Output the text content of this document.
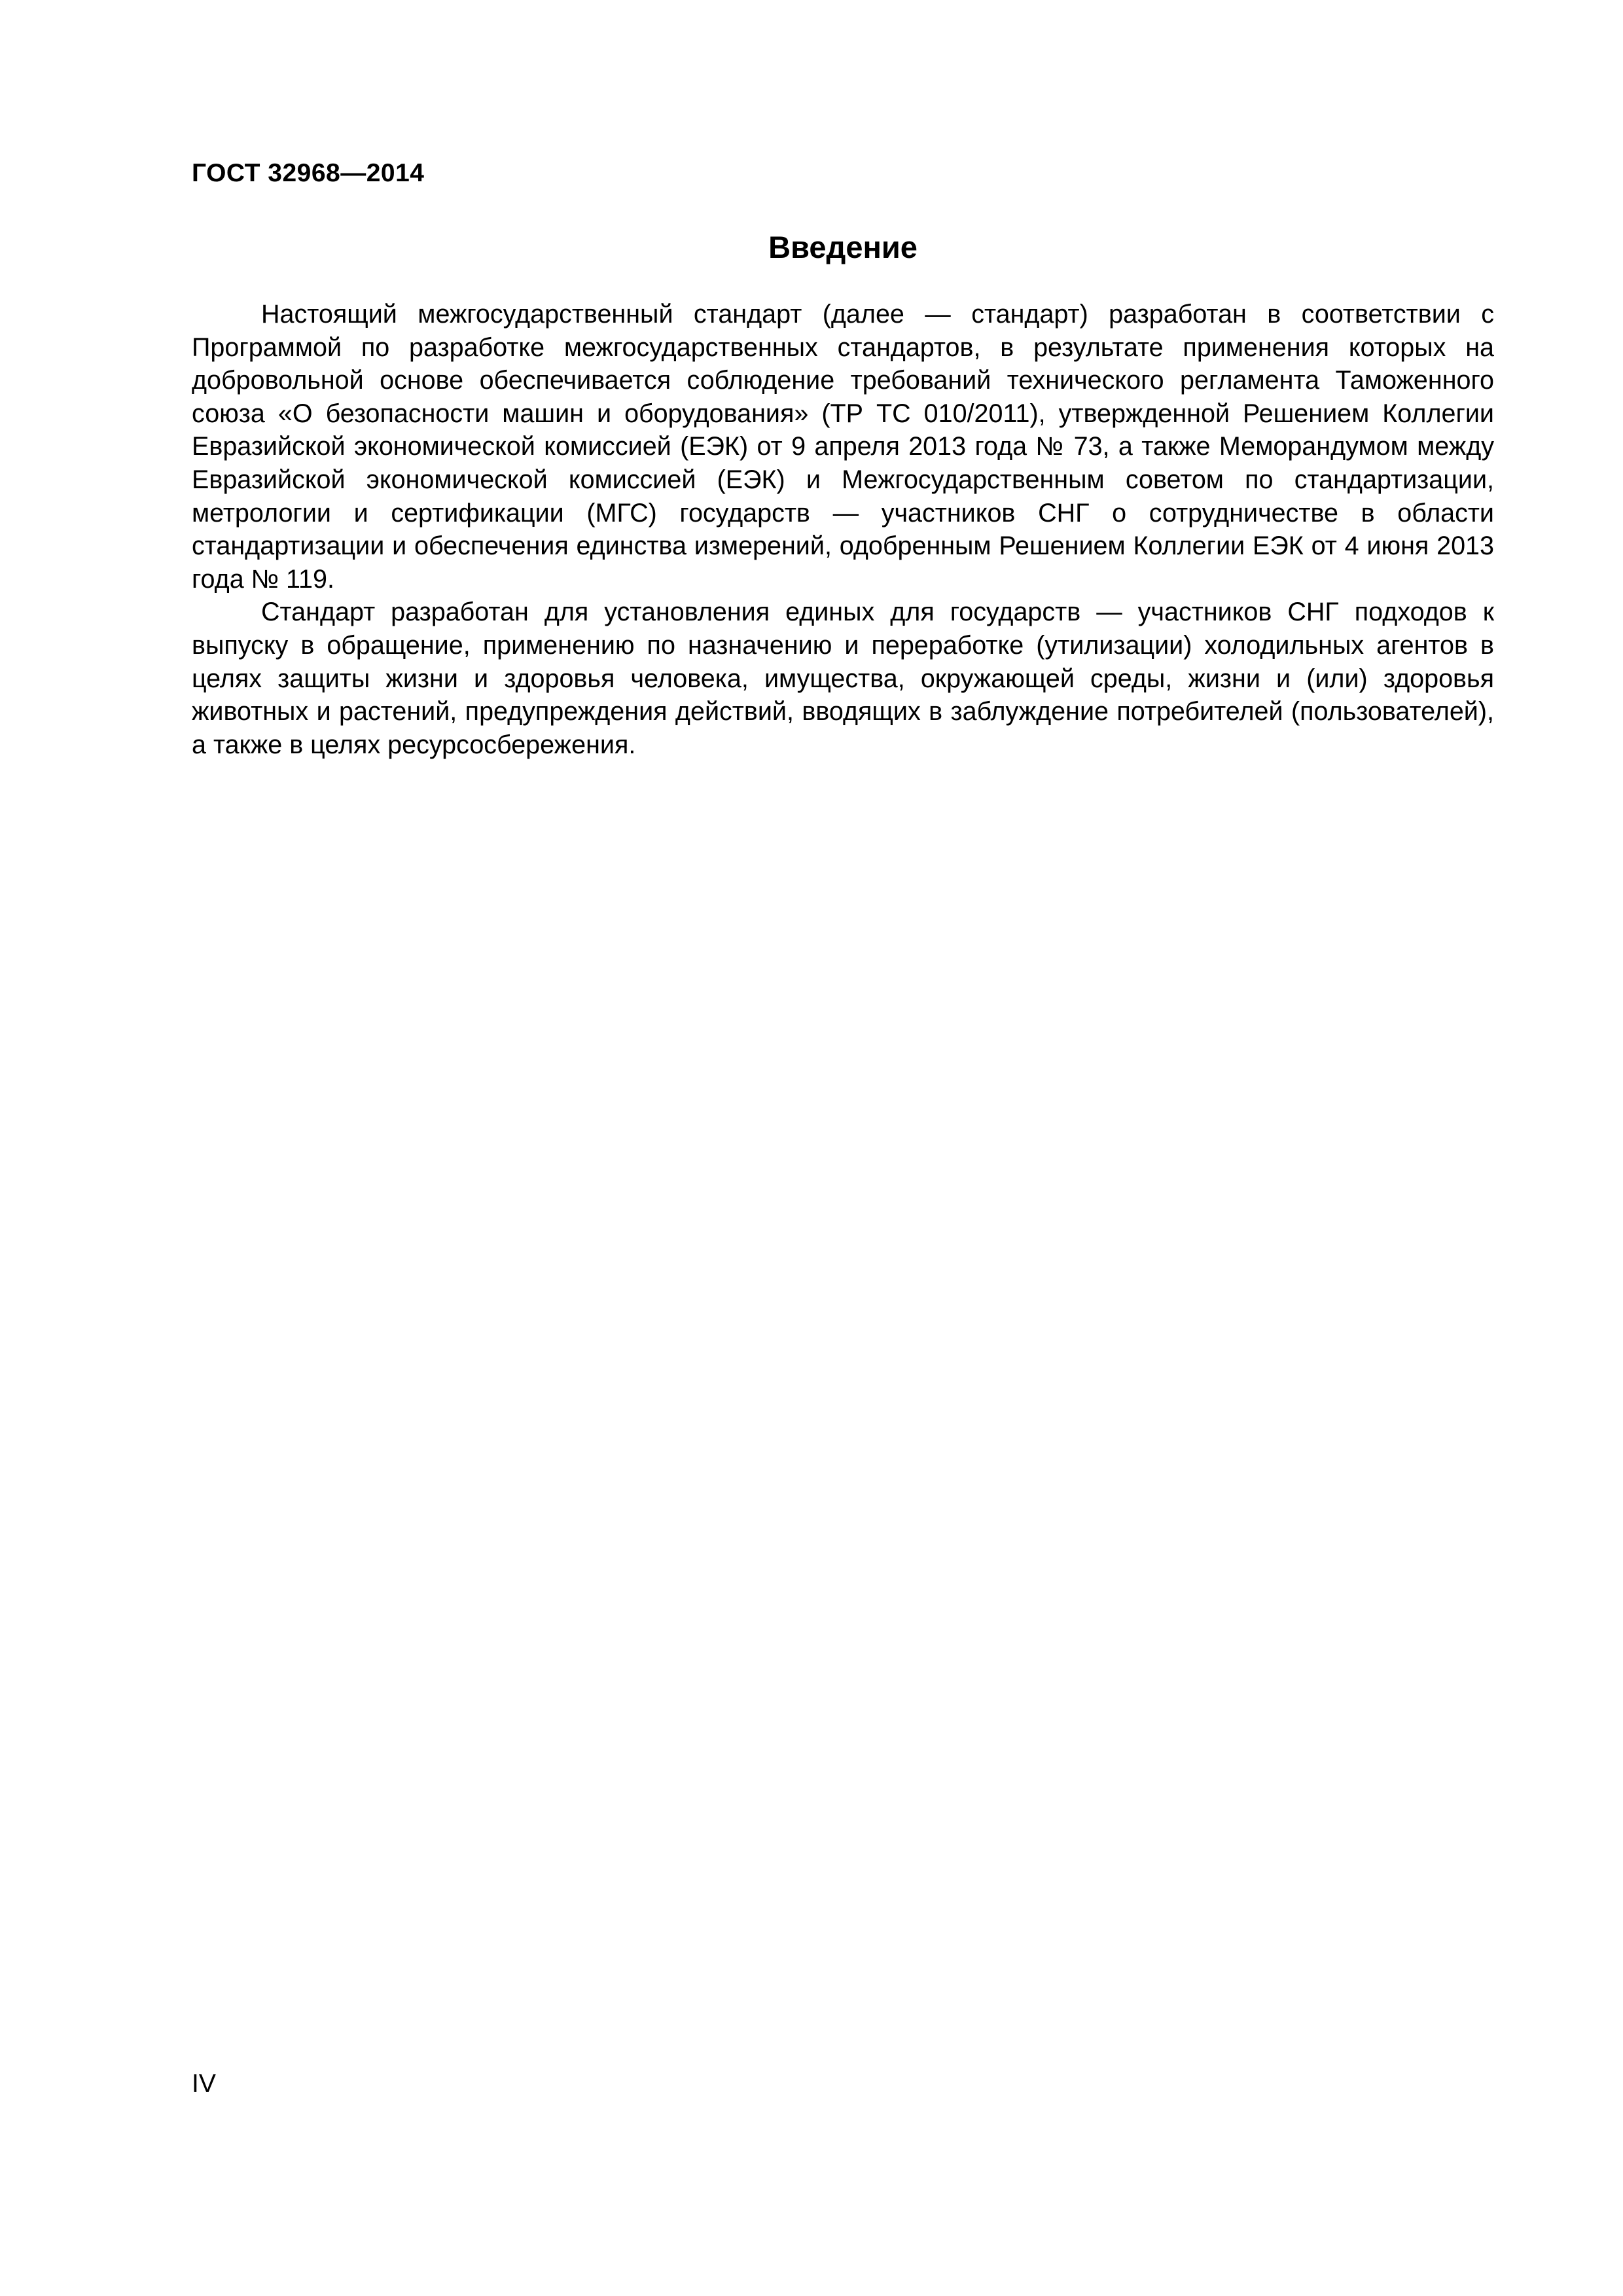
ГОСТ 32968—2014
Введение

Настоящий межгосударственный стандарт (далее — стандарт) разработан в соответствии с Программой по разработке межгосударственных стандартов, в результате применения которых на добровольной основе обеспечивается соблюдение требований технического регламента Таможенного союза «О безопасности машин и оборудования» (ТР ТС 010/2011), утвержденной Решением Коллегии Евразийской экономической комиссией (ЕЭК) от 9 апреля 2013 года № 73, а также Меморандумом между Евразийской экономической комиссией (ЕЭК) и Межгосударственным советом по стандартизации, метрологии и сертификации (МГС) государств — участников СНГ о сотрудничестве в области стандартизации и обеспечения единства измерений, одобренным Решением Коллегии ЕЭК от 4 июня 2013 года № 119.

Стандарт разработан для установления единых для государств — участников СНГ подходов к выпуску в обращение, применению по назначению и переработке (утилизации) холодильных агентов в целях защиты жизни и здоровья человека, имущества, окружающей среды, жизни и (или) здоровья животных и растений, предупреждения действий, вводящих в заблуждение потребителей (пользователей), а также в целях ресурсосбережения.

IV
